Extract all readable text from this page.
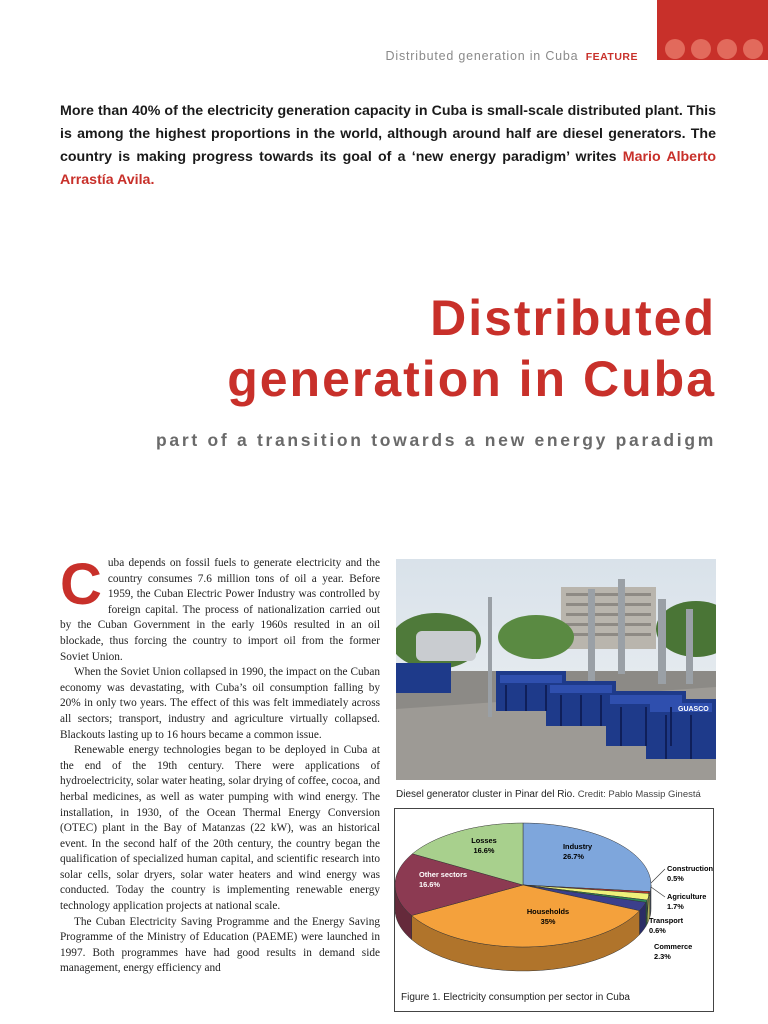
Distributed generation in Cuba FEATURE
More than 40% of the electricity generation capacity in Cuba is small-scale distributed plant. This is among the highest proportions in the world, although around half are diesel generators. The country is making progress towards its goal of a ‘new energy paradigm’ writes Mario Alberto Arrastía Avila.
Distributed
generation in Cuba
part of a transition towards a new energy paradigm

Cuba depends on fossil fuels to generate electricity and the country consumes 7.6 million tons of oil a year. Before 1959, the Cuban Electric Power Industry was controlled by foreign capital. The process of nationalization carried out by the Cuban Government in the early 1960s resulted in an oil blockade, thus forcing the country to import oil from the former Soviet Union.

When the Soviet Union collapsed in 1990, the impact on the Cuban economy was devastating, with Cuba’s oil consumption falling by 20% in only two years. The effect of this was felt immediately across all sectors; transport, industry and agriculture virtually collapsed. Blackouts lasting up to 16 hours became a common issue.

Renewable energy technologies began to be deployed in Cuba at the end of the 19th century. There were applications of hydroelectricity, solar water heating, solar drying of coffee, cocoa, and herbal medicines, as well as water pumping with wind energy. The installation, in 1930, of the Ocean Thermal Energy Conversion (OTEC) plant in the Bay of Matanzas (22 kW), was an historical event. In the second half of the 20th century, the country began the qualification of specialized human capital, and scientific research into solar cells, solar dryers, solar water heaters and wind energy was conducted. Today the country is implementing renewable energy technology application projects at national scale.

The Cuban Electricity Saving Programme and the Energy Saving Programme of the Ministry of Education (PAEME) were launched in 1997. Both programmes have had good results in demand side management, energy efficiency and

GUASCO
Diesel generator cluster in Pinar del Rio. Credit: Pablo Massip Ginestá
Industry
26.7%
Construction
0.5%
Agriculture
1.7%
Transport
0.6%
Commerce
2.3%
Households
35%
Other sectors
16.6%
Losses
16.6%
Figure 1. Electricity consumption per sector in Cuba
